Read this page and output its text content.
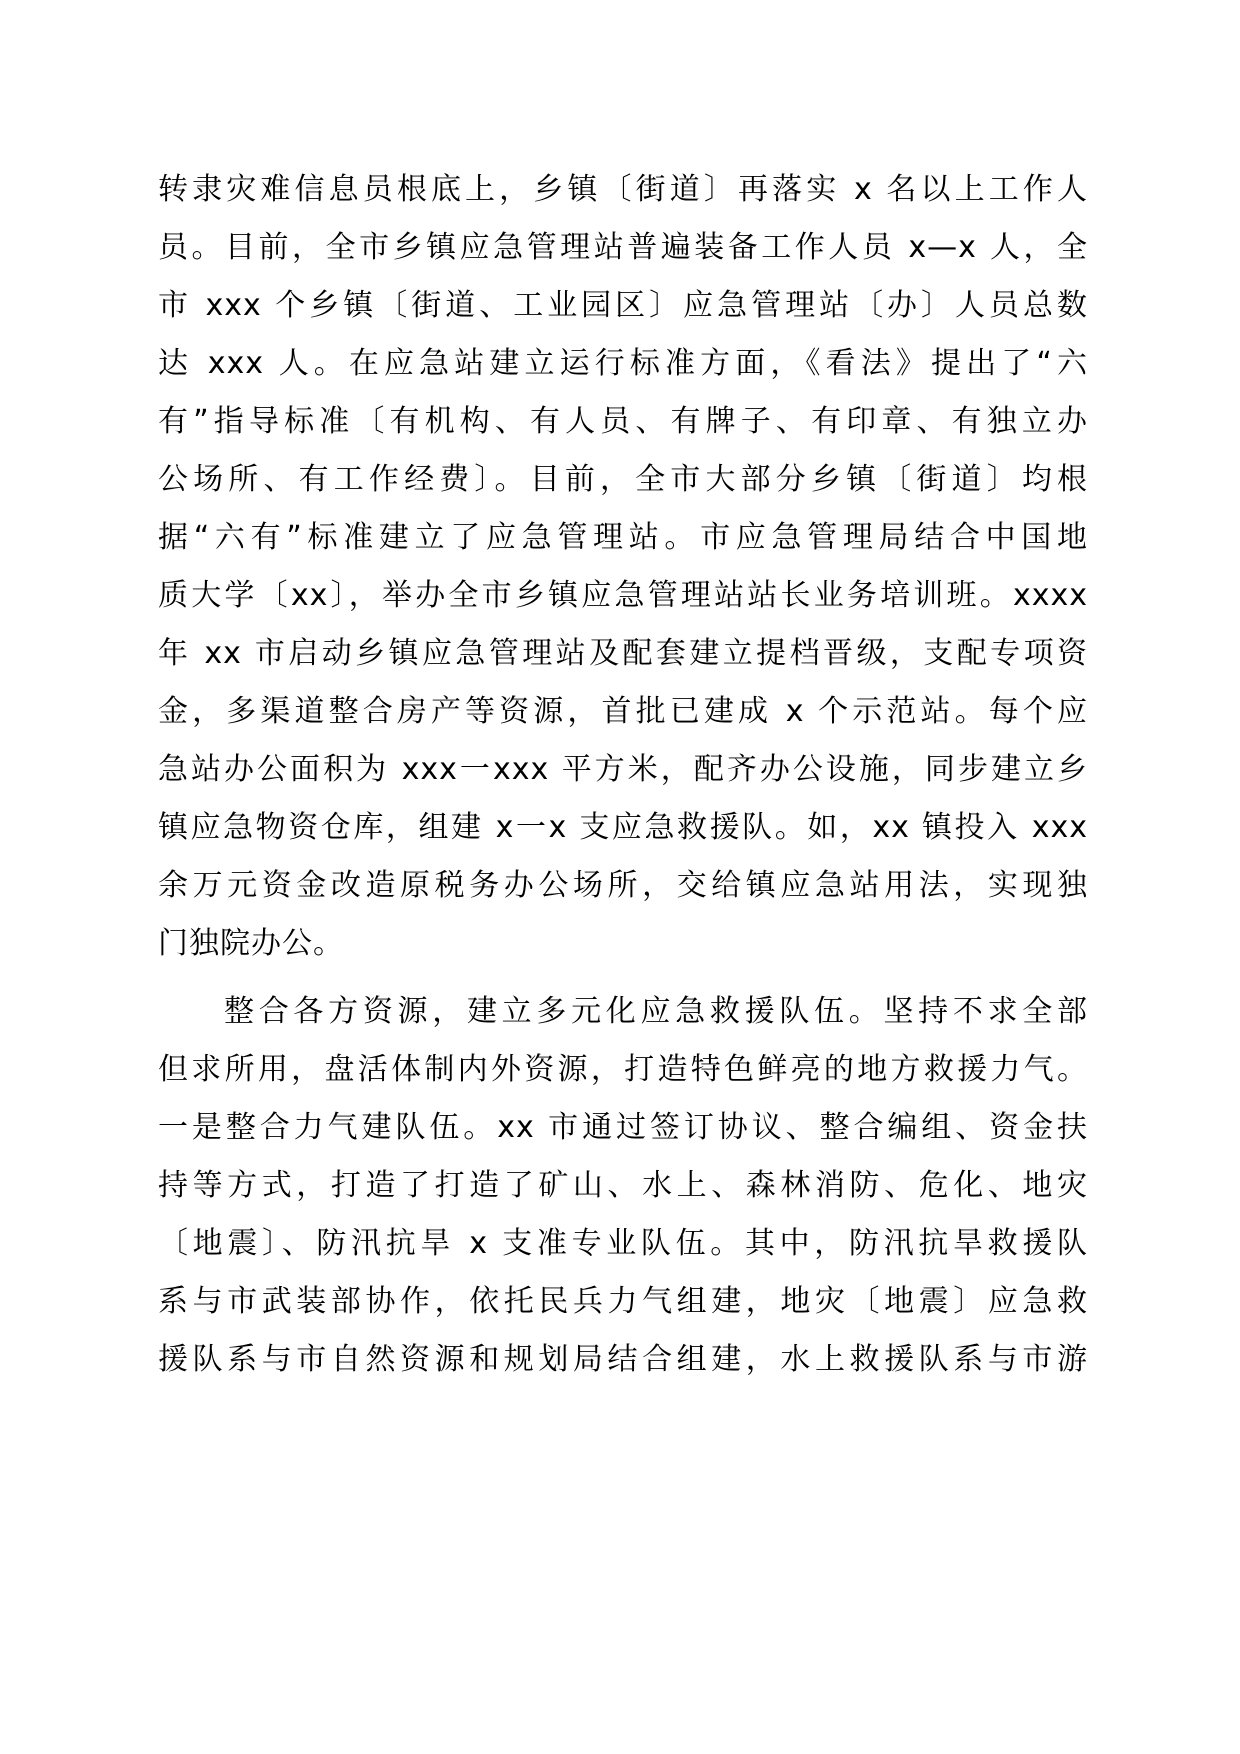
转隶灾难信息员根底上，乡镇〔街道〕再落实 x 名以上工作人
员。目前，全市乡镇应急管理站普遍装备工作人员 x—x 人，全
市 xxx 个乡镇〔街道、工业园区〕应急管理站〔办〕人员总数
达 xxx 人。在应急站建立运行标准方面，《看法》提出了“六
有”指导标准〔有机构、有人员、有牌子、有印章、有独立办
公场所、有工作经费〕。目前，全市大部分乡镇〔街道〕均根
据“六有”标准建立了应急管理站。市应急管理局结合中国地
质大学〔xx〕，举办全市乡镇应急管理站站长业务培训班。xxxx
年 xx 市启动乡镇应急管理站及配套建立提档晋级，支配专项资
金，多渠道整合房产等资源，首批已建成 x 个示范站。每个应
急站办公面积为 xxx一xxx 平方米，配齐办公设施，同步建立乡
镇应急物资仓库，组建 x一x 支应急救援队。如，xx 镇投入 xxx
余万元资金改造原税务办公场所，交给镇应急站用法，实现独
门独院办公。
整合各方资源，建立多元化应急救援队伍。坚持不求全部
但求所用，盘活体制内外资源，打造特色鲜亮的地方救援力气。
一是整合力气建队伍。xx 市通过签订协议、整合编组、资金扶
持等方式，打造了打造了矿山、水上、森林消防、危化、地灾
〔地震〕、防汛抗旱 x 支准专业队伍。其中，防汛抗旱救援队
系与市武装部协作，依托民兵力气组建，地灾〔地震〕应急救
援队系与市自然资源和规划局结合组建，水上救援队系与市游
